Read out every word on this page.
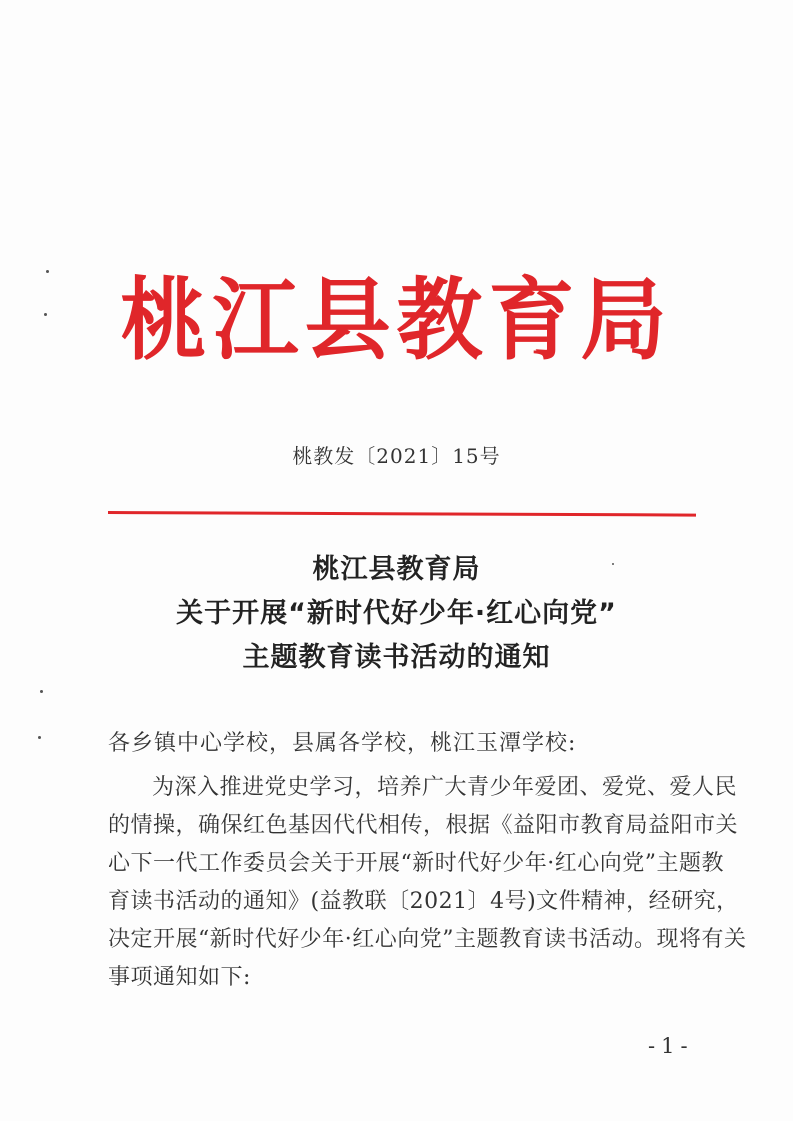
桃江县教育局
桃教发〔2021〕15号
桃江县教育局
关于开展“新时代好少年·红心向党”
主题教育读书活动的通知
各乡镇中心学校，县属各学校，桃江玉潭学校:
为深入推进党史学习，培养广大青少年爱团、爱党、爱人民
的情操，确保红色基因代代相传，根据《益阳市教育局益阳市关
心下一代工作委员会关于开展“新时代好少年·红心向党”主题教
育读书活动的通知》(益教联〔2021〕4号)文件精神，经研究，
决定开展“新时代好少年·红心向党”主题教育读书活动。现将有关
事项通知如下:
-1-
